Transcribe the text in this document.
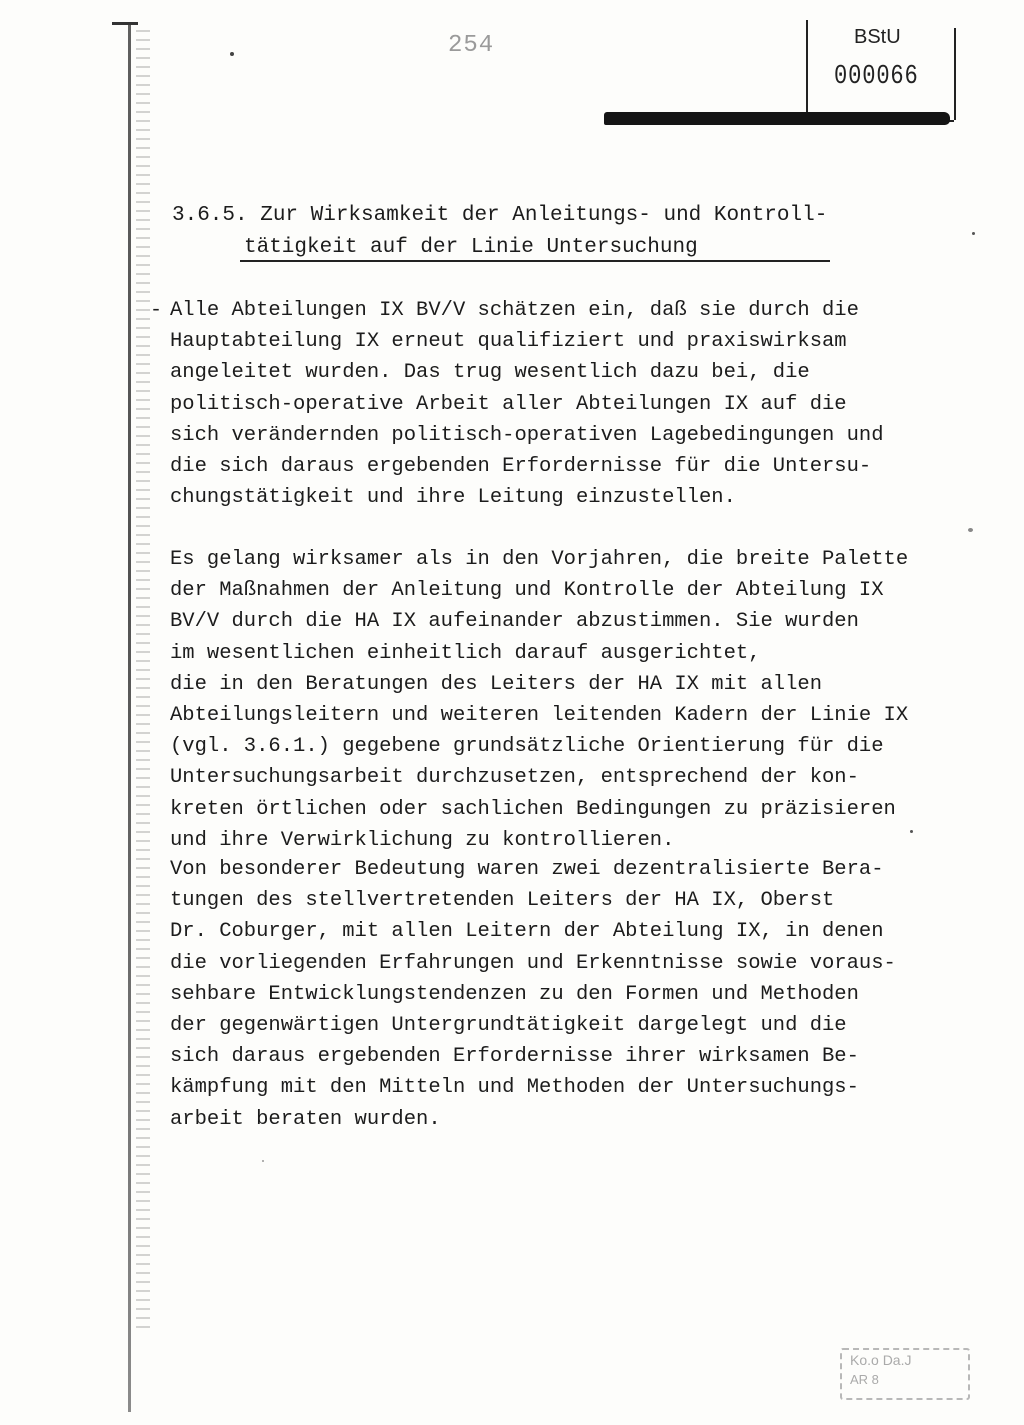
254	BStU
000066
3.6.5. Zur Wirksamkeit der Anleitungs- und Kontroll-
tätigkeit auf der Linie Untersuchung
- Alle Abteilungen IX BV/V schätzen ein, daß sie durch die
Hauptabteilung IX erneut qualifiziert und praxiswirksam
angeleitet wurden. Das trug wesentlich dazu bei, die
politisch-operative Arbeit aller Abteilungen IX auf die
sich verändernden politisch-operativen Lagebedingungen und
die sich daraus ergebenden Erfordernisse für die Untersu-
chungstätigkeit und ihre Leitung einzustellen.

Es gelang wirksamer als in den Vorjahren, die breite Palette
der Maßnahmen der Anleitung und Kontrolle der Abteilung IX
BV/V durch die HA IX aufeinander abzustimmen. Sie wurden
im wesentlichen einheitlich darauf ausgerichtet,
die in den Beratungen des Leiters der HA IX mit allen
Abteilungsleitern und weiteren leitenden Kadern der Linie IX
(vgl. 3.6.1.) gegebene grundsätzliche Orientierung für die
Untersuchungsarbeit durchzusetzen, entsprechend der kon-
kreten örtlichen oder sachlichen Bedingungen zu präzisieren
und ihre Verwirklichung zu kontrollieren.

Von besonderer Bedeutung waren zwei dezentralisierte Bera-
tungen des stellvertretenden Leiters der HA IX, Oberst
Dr. Coburger, mit allen Leitern der Abteilung IX, in denen
die vorliegenden Erfahrungen und Erkenntnisse sowie voraus-
sehbare Entwicklungstendenzen zu den Formen und Methoden
der gegenwärtigen Untergrundtätigkeit dargelegt und die
sich daraus ergebenden Erfordernisse ihrer wirksamen Be-
kämpfung mit den Mitteln und Methoden der Untersuchungs-
arbeit beraten wurden.

Ko.o Da.J
AR 8
